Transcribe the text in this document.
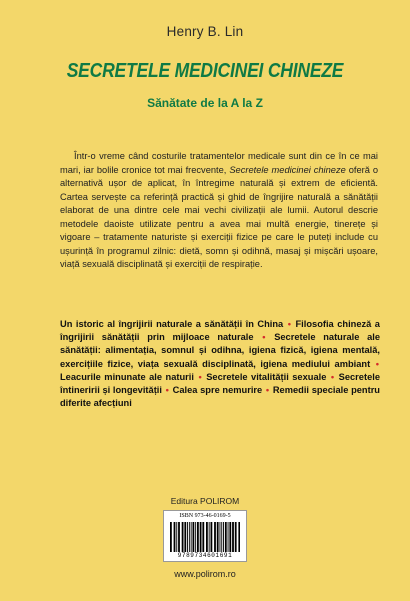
Henry B. Lin
SECRETELE MEDICINEI CHINEZE
Sănătate de la A la Z

Într-o vreme când costurile tratamentelor medicale sunt din ce în ce mai mari, iar bolile cronice tot mai frecvente, Secretele medicinei chineze oferă o alternativă ușor de aplicat, în întregime naturală și extrem de eficientă. Cartea servește ca referință practică și ghid de îngrijire naturală a sănătății elaborat de una dintre cele mai vechi civilizații ale lumii. Autorul descrie metodele daoiste utilizate pentru a avea mai multă energie, tinerețe și vigoare – tratamente naturiste și exerciții fizice pe care le puteți include cu ușurință în programul zilnic: dietă, somn și odihnă, masaj și mișcări ușoare, viață sexuală disciplinată și exerciții de respirație.

Un istoric al îngrijirii naturale a sănătății în China • Filosofia chineză a îngrijirii sănătății prin mijloace naturale • Secretele naturale ale sănătății: alimentația, somnul și odihna, igiena fizică, igiena mentală, exercițiile fizice, viața sexuală disciplinată, igiena mediului ambiant • Leacurile minunate ale naturii • Secretele vitalității sexuale • Secretele întineririi și longevității • Calea spre nemurire • Remedii speciale pentru diferite afecțiuni

Editura POLIROM
ISBN 973-46-0169-5
9789734601691
www.polirom.ro
